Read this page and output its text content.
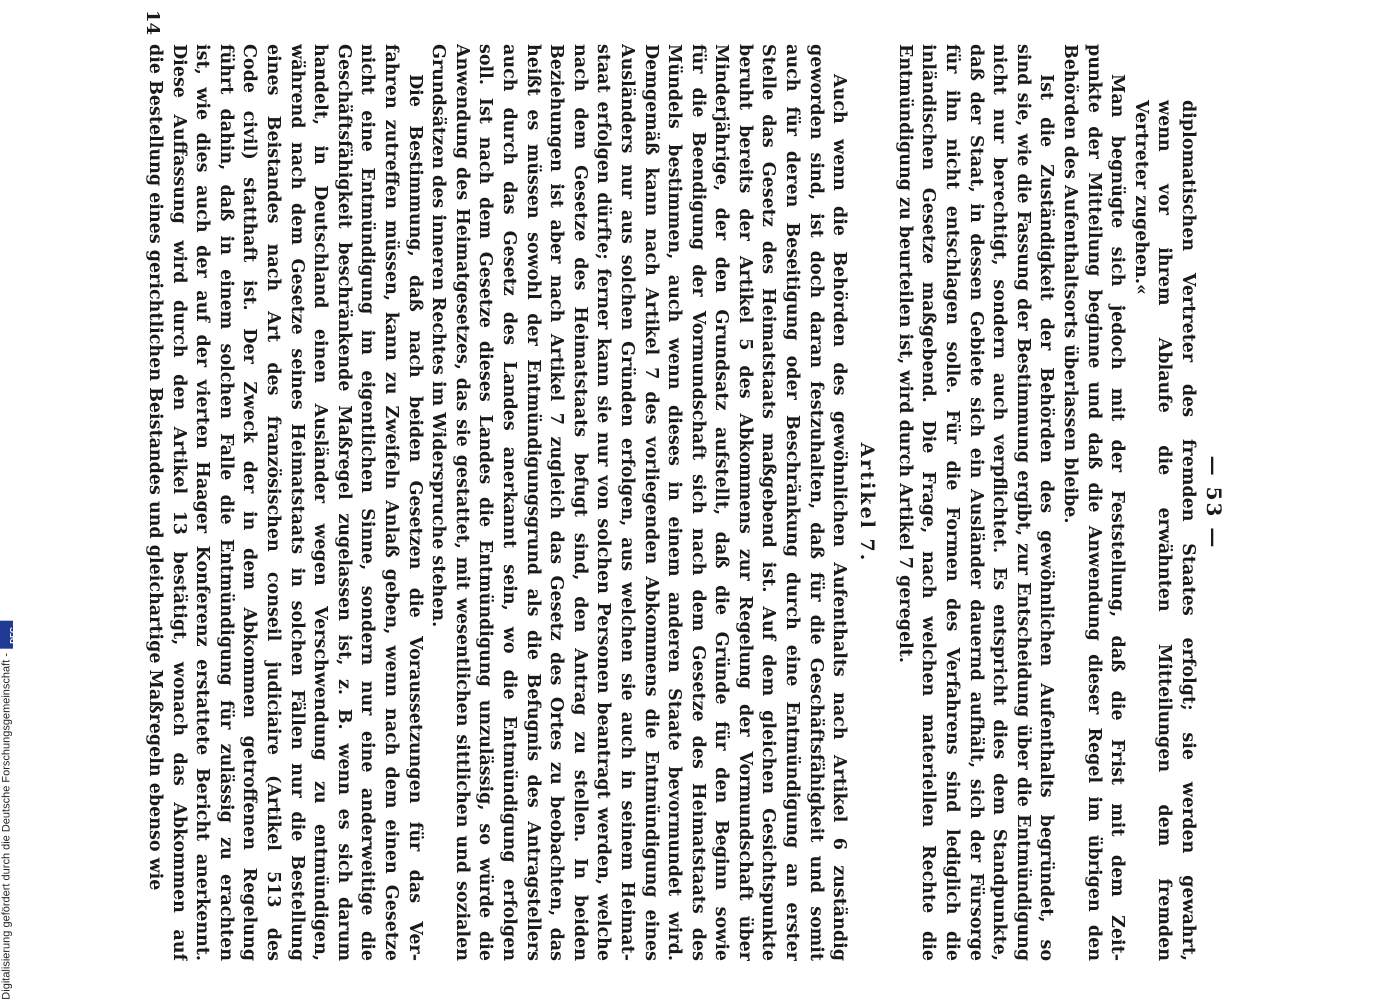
Digitalisierung gefördert durch die Deutsche Forschungsgemeinschaft -
DFG
— 53 —
diplomatischen Vertreter des fremden Staates erfolgt; sie werden gewahrt,
wenn vor ihrem Ablaufe die erwähnten Mitteilungen dem fremden
Vertreter zugehen.«
Man begnügte sich jedoch mit der Feststellung, daß die Frist mit dem Zeit-
punkte der Mitteilung beginne und daß die Anwendung dieser Regel im übrigen den
Behörden des Aufenthaltsorts überlassen bleibe.
Ist die Zuständigkeit der Behörden des gewöhnlichen Aufenthalts begründet, so
sind sie, wie die Fassung der Bestimmung ergibt, zur Entscheidung über die Entmündigung
nicht nur berechtigt, sondern auch verpflichtet. Es entspricht dies dem Standpunkte,
daß der Staat, in dessen Gebiete sich ein Ausländer dauernd aufhält, sich der Fürsorge
für ihn nicht entschlagen solle. Für die Formen des Verfahrens sind lediglich die
inländischen Gesetze maßgebend. Die Frage, nach welchen materiellen Rechte die
Entmündigung zu beurteilen ist, wird durch Artikel 7 geregelt.
Artikel 7.
Auch wenn die Behörden des gewöhnlichen Aufenthalts nach Artikel 6 zuständig
geworden sind, ist doch daran festzuhalten, daß für die Geschäftsfähigkeit und somit
auch für deren Beseitigung oder Beschränkung durch eine Entmündigung an erster
Stelle das Gesetz des Heimatstaats maßgebend ist. Auf dem gleichen Gesichtspunkte
beruht bereits der Artikel 5 des Abkommens zur Regelung der Vormundschaft über
Minderjährige, der den Grundsatz aufstellt, daß die Gründe für den Beginn sowie
für die Beendigung der Vormundschaft sich nach dem Gesetze des Heimatstaats des
Mündels bestimmen, auch wenn dieses in einem anderen Staate bevormundet wird.
Demgemäß kann nach Artikel 7 des vorliegenden Abkommens die Entmündigung eines
Ausländers nur aus solchen Gründen erfolgen, aus welchen sie auch in seinem Heimat-
staat erfolgen dürfte; ferner kann sie nur von solchen Personen beantragt werden, welche
nach dem Gesetze des Heimatstaats befugt sind, den Antrag zu stellen. In beiden
Beziehungen ist aber nach Artikel 7 zugleich das Gesetz des Ortes zu beobachten, das
heißt es müssen sowohl der Entmündigungsgrund als die Befugnis des Antragstellers
auch durch das Gesetz des Landes anerkannt sein, wo die Entmündigung erfolgen
soll. Ist nach dem Gesetze dieses Landes die Entmündigung unzulässig, so würde die
Anwendung des Heimatgesetzes, das sie gestattet, mit wesentlichen sittlichen und sozialen
Grundsätzen des inneren Rechtes im Widerspruche stehen.
Die Bestimmung, daß nach beiden Gesetzen die Voraussetzungen für das Ver-
fahren zutreffen müssen, kann zu Zweifeln Anlaß geben, wenn nach dem einen Gesetze
nicht eine Entmündigung im eigentlichen Sinne, sondern nur eine anderweitige die
Geschäftsfähigkeit beschränkende Maßregel zugelassen ist, z. B. wenn es sich darum
handelt, in Deutschland einen Ausländer wegen Verschwendung zu entmündigen,
während nach dem Gesetze seines Heimatstaats in solchen Fällen nur die Bestellung
eines Beistandes nach Art des französischen conseil judiciaire (Artikel 513 des
Code civil) statthaft ist. Der Zweck der in dem Abkommen getroffenen Regelung
führt dahin, daß in einem solchen Falle die Entmündigung für zulässig zu erachten
ist, wie dies auch der auf der vierten Haager Konferenz erstattete Bericht anerkennt.
Diese Auffassung wird durch den Artikel 13 bestätigt, wonach das Abkommen auf
die Bestellung eines gerichtlichen Beistandes und gleichartige Maßregeln ebenso wie
14
